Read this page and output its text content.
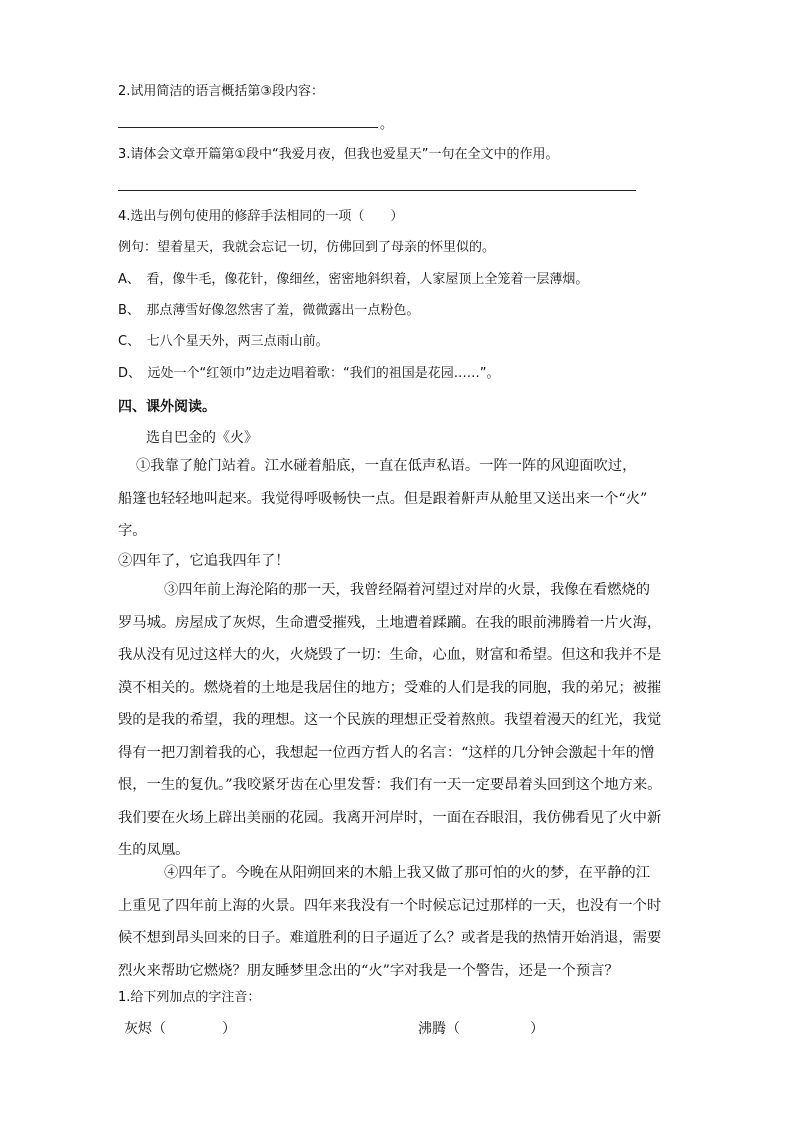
2.试用简洁的语言概括第③段内容：
。
3.请体会文章开篇第①段中“我爱月夜，但我也爱星天”一句在全文中的作用。
4.选出与例句使用的修辞手法相同的一项（　　）
例句：望着星天，我就会忘记一切，仿佛回到了母亲的怀里似的。
A、　看，像牛毛，像花针，像细丝，密密地斜织着，人家屋顶上全笼着一层薄烟。
B、　那点薄雪好像忽然害了羞，微微露出一点粉色。
C、　七八个星天外，两三点雨山前。
D、　远处一个“红领巾”边走边唱着歌：“我们的祖国是花园……”。
四、课外阅读。
选自巴金的《火》
①我靠了舱门站着。江水碰着船底，一直在低声私语。一阵一阵的风迎面吹过，
船篷也轻轻地叫起来。我觉得呼吸畅快一点。但是跟着鼾声从舱里又送出来一个“火”
字。
②四年了，它追我四年了！
③四年前上海沦陷的那一天，我曾经隔着河望过对岸的火景，我像在看燃烧的
罗马城。房屋成了灰烬，生命遭受摧残，土地遭着蹂躏。在我的眼前沸腾着一片火海，
我从没有见过这样大的火，火烧毁了一切：生命，心血，财富和希望。但这和我并不是
漠不相关的。燃烧着的土地是我居住的地方；受难的人们是我的同胞，我的弟兄；被摧
毁的是我的希望，我的理想。这一个民族的理想正受着熬煎。我望着漫天的红光，我觉
得有一把刀割着我的心，我想起一位西方哲人的名言：“这样的几分钟会激起十年的憎
恨，一生的复仇。”我咬紧牙齿在心里发誓：我们有一天一定要昂着头回到这个地方来。
我们要在火场上辟出美丽的花园。我离开河岸时，一面在吞眼泪，我仿佛看见了火中新
生的凤凰。
④四年了。今晚在从阳朔回来的木船上我又做了那可怕的火的梦，在平静的江
上重见了四年前上海的火景。四年来我没有一个时候忘记过那样的一天，也没有一个时
候不想到昂头回来的日子。难道胜利的日子逼近了么？或者是我的热情开始消退，需要
烈火来帮助它燃烧？朋友睡梦里念出的“火”字对我是一个警告，还是一个预言？
1.给下列加点的字注音：
灰烬（　　　　）	沸腾（　　　　　）
